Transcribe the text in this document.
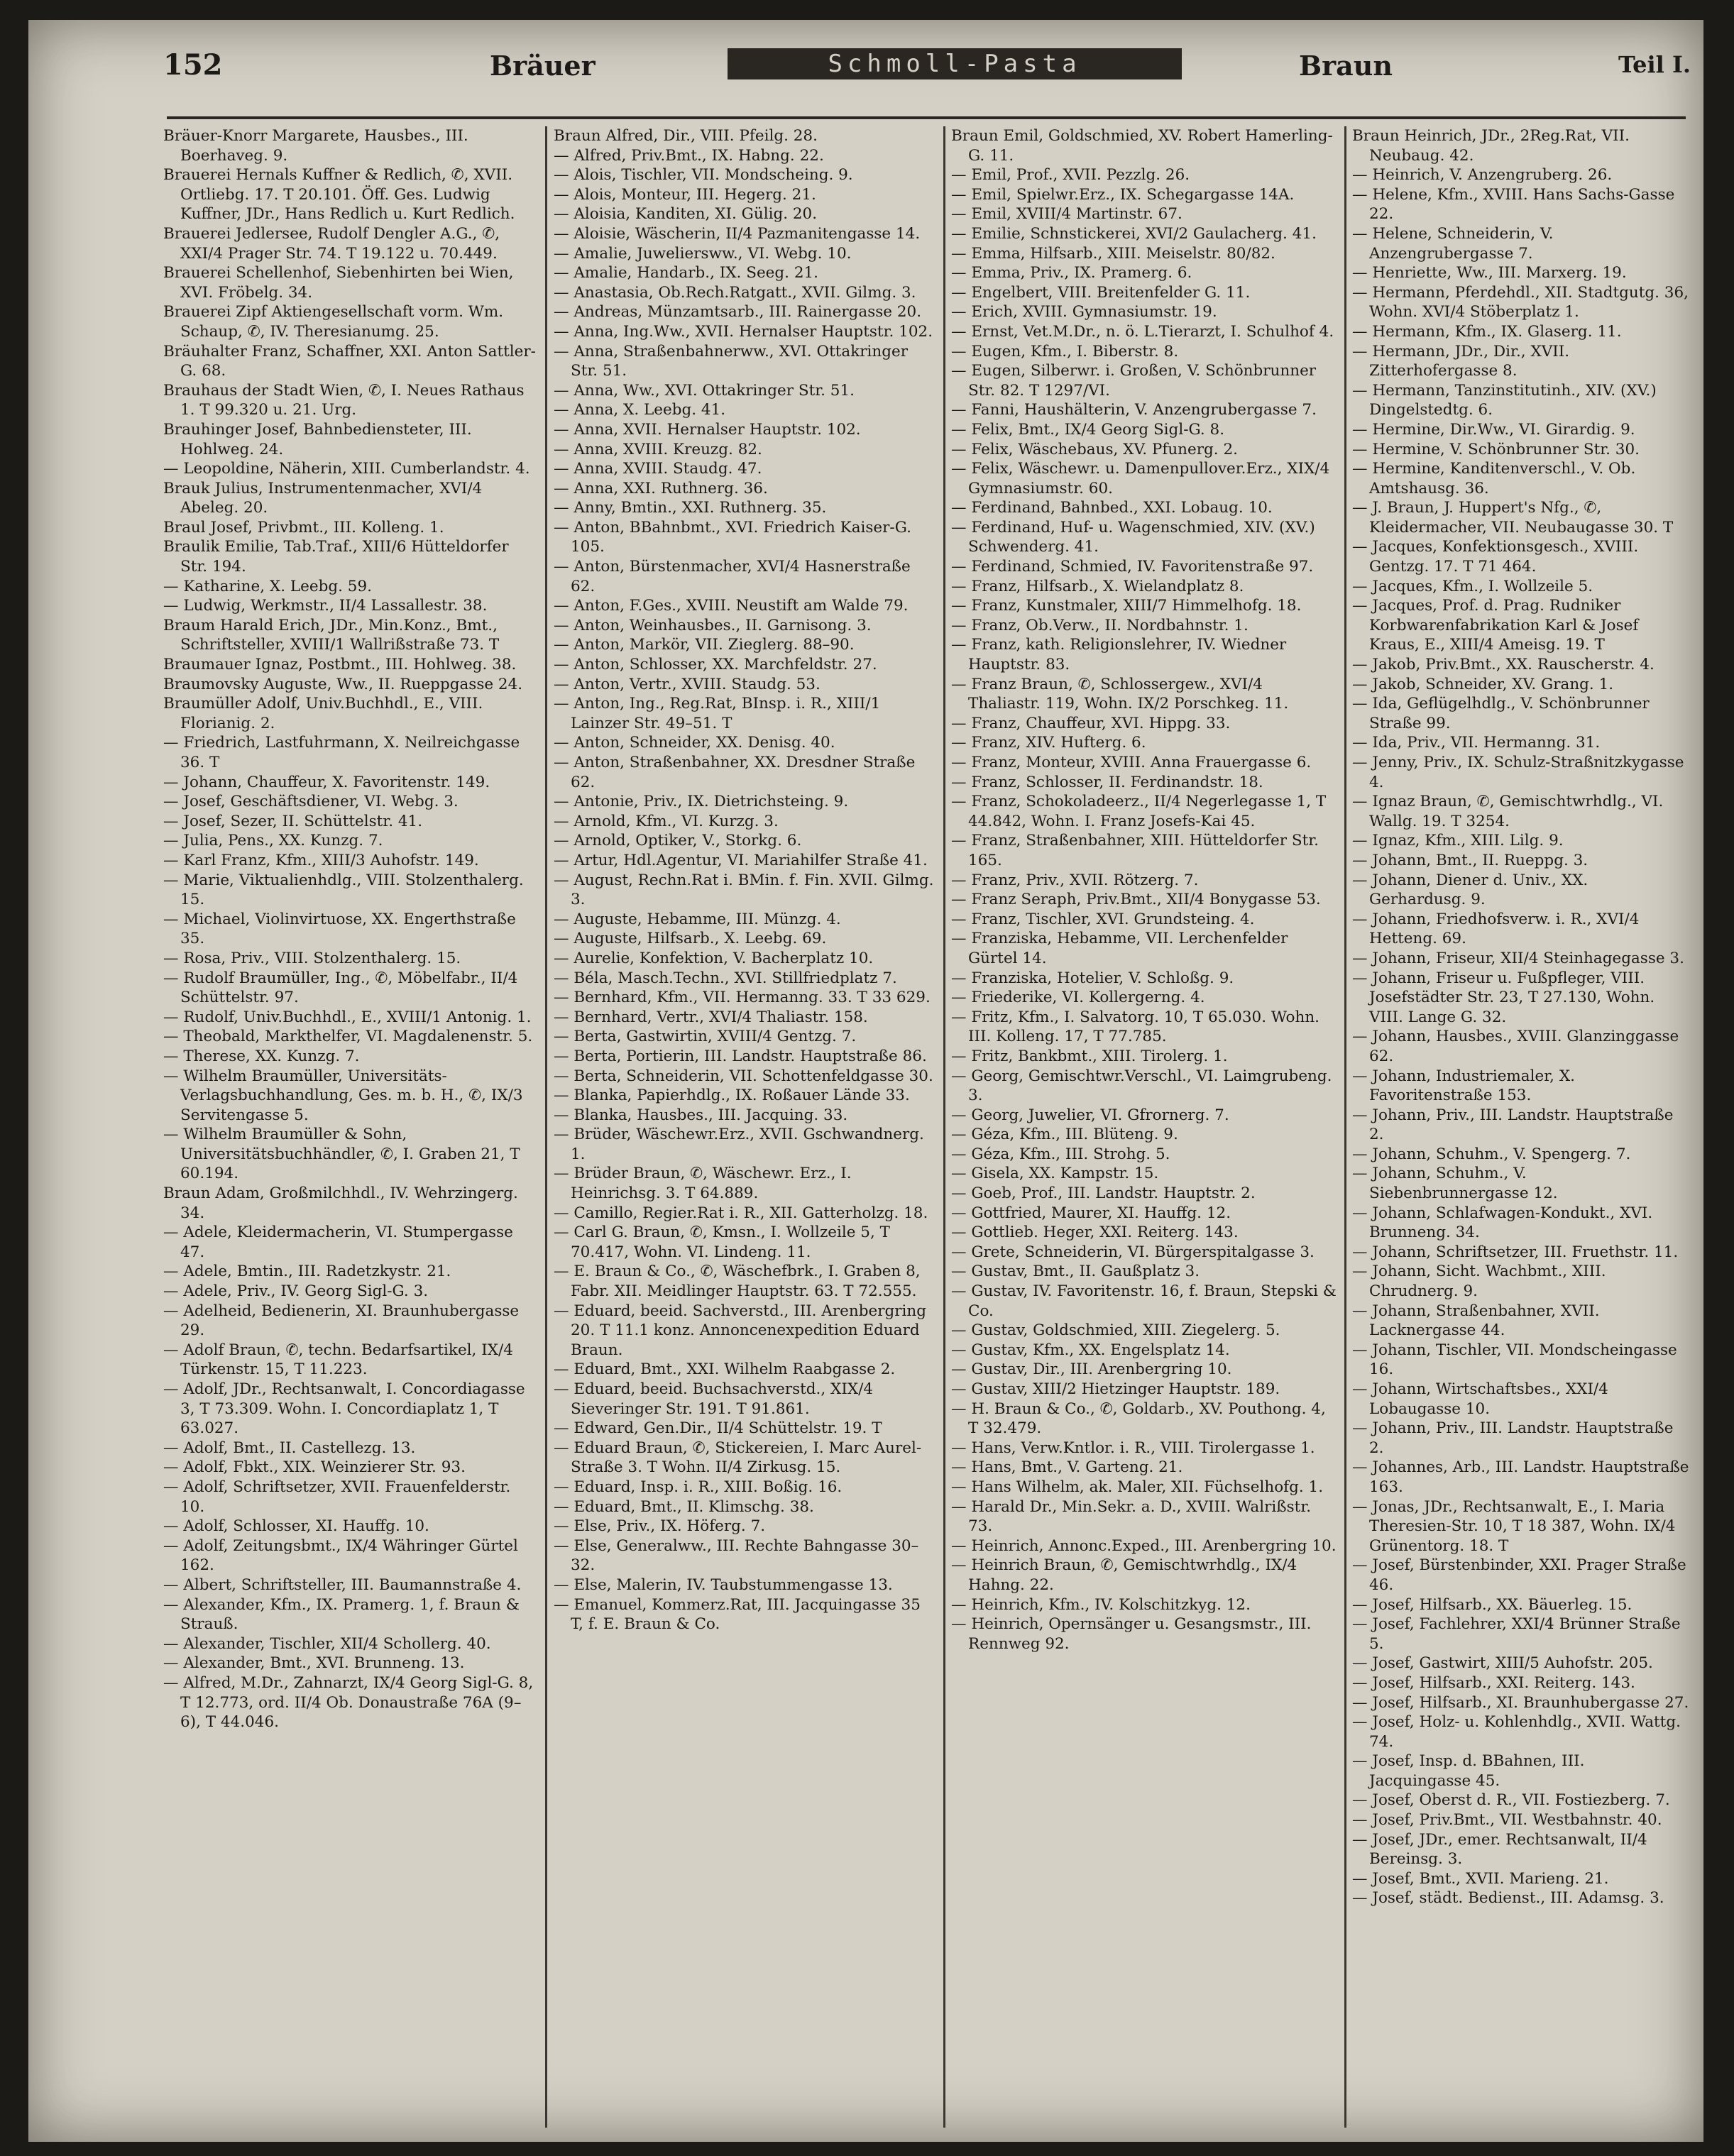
152	Bräuer	Schmoll-Pasta	Braun	Teil I.

Bräuer-Knorr Margarete, Hausbes., III. Boerhaveg. 9.

Brauerei Hernals Kuffner & Redlich, ✆, XVII. Ortliebg. 17. T 20.101. Öff. Ges. Ludwig Kuffner, JDr., Hans Redlich u. Kurt Redlich.

Brauerei Jedlersee, Rudolf Dengler A.G., ✆, XXI/4 Prager Str. 74. T 19.122 u. 70.449.

Brauerei Schellenhof, Siebenhirten bei Wien, XVI. Fröbelg. 34.

Brauerei Zipf Aktiengesellschaft vorm. Wm. Schaup, ✆, IV. Theresianumg. 25.

Bräuhalter Franz, Schaffner, XXI. Anton Sattler-G. 68.

Brauhaus der Stadt Wien, ✆, I. Neues Rathaus 1. T 99.320 u. 21. Urg.

Brauhinger Josef, Bahnbediensteter, III. Hohlweg. 24.

— Leopoldine, Näherin, XIII. Cumberlandstr. 4.

Brauk Julius, Instrumentenmacher, XVI/4 Abeleg. 20.

Braul Josef, Privbmt., III. Kolleng. 1.

Braulik Emilie, Tab.Traf., XIII/6 Hütteldorfer Str. 194.

— Katharine, X. Leebg. 59.

— Ludwig, Werkmstr., II/4 Lassallestr. 38.

Braum Harald Erich, JDr., Min.Konz., Bmt., Schriftsteller, XVIII/1 Wallrißstraße 73. T

Braumauer Ignaz, Postbmt., III. Hohlweg. 38.

Braumovsky Auguste, Ww., II. Rueppgasse 24.

Braumüller Adolf, Univ.Buchhdl., E., VIII. Florianig. 2.

— Friedrich, Lastfuhrmann, X. Neilreichgasse 36. T

— Johann, Chauffeur, X. Favoritenstr. 149.

— Josef, Geschäftsdiener, VI. Webg. 3.

— Josef, Sezer, II. Schüttelstr. 41.

— Julia, Pens., XX. Kunzg. 7.

— Karl Franz, Kfm., XIII/3 Auhofstr. 149.

— Marie, Viktualienhdlg., VIII. Stolzenthalerg. 15.

— Michael, Violinvirtuose, XX. Engerthstraße 35.

— Rosa, Priv., VIII. Stolzenthalerg. 15.

— Rudolf Braumüller, Ing., ✆, Möbelfabr., II/4 Schüttelstr. 97.

— Rudolf, Univ.Buchhdl., E., XVIII/1 Antonig. 1.

— Theobald, Markthelfer, VI. Magdalenenstr. 5.

— Therese, XX. Kunzg. 7.

— Wilhelm Braumüller, Universitäts-Verlagsbuchhandlung, Ges. m. b. H., ✆, IX/3 Servitengasse 5.

— Wilhelm Braumüller & Sohn, Universitätsbuchhändler, ✆, I. Graben 21, T 60.194.

Braun Adam, Großmilchhdl., IV. Wehrzingerg. 34.

— Adele, Kleidermacherin, VI. Stumpergasse 47.

— Adele, Bmtin., III. Radetzkystr. 21.

— Adele, Priv., IV. Georg Sigl-G. 3.

— Adelheid, Bedienerin, XI. Braunhubergasse 29.

— Adolf Braun, ✆, techn. Bedarfsartikel, IX/4 Türkenstr. 15, T 11.223.

— Adolf, JDr., Rechtsanwalt, I. Concordiagasse 3, T 73.309. Wohn. I. Concordiaplatz 1, T 63.027.

— Adolf, Bmt., II. Castellezg. 13.

— Adolf, Fbkt., XIX. Weinzierer Str. 93.

— Adolf, Schriftsetzer, XVII. Frauenfelderstr. 10.

— Adolf, Schlosser, XI. Hauffg. 10.

— Adolf, Zeitungsbmt., IX/4 Währinger Gürtel 162.

— Albert, Schriftsteller, III. Baumannstraße 4.

— Alexander, Kfm., IX. Pramerg. 1, f. Braun & Strauß.

— Alexander, Tischler, XII/4 Schollerg. 40.

— Alexander, Bmt., XVI. Brunneng. 13.

— Alfred, M.Dr., Zahnarzt, IX/4 Georg Sigl-G. 8, T 12.773, ord. II/4 Ob. Donaustraße 76A (9–6), T 44.046.

Braun Alfred, Dir., VIII. Pfeilg. 28.

— Alfred, Priv.Bmt., IX. Habng. 22.

— Alois, Tischler, VII. Mondscheing. 9.

— Alois, Monteur, III. Hegerg. 21.

— Aloisia, Kanditen, XI. Gülig. 20.

— Aloisie, Wäscherin, II/4 Pazmanitengasse 14.

— Amalie, Juweliersww., VI. Webg. 10.

— Amalie, Handarb., IX. Seeg. 21.

— Anastasia, Ob.Rech.Ratgatt., XVII. Gilmg. 3.

— Andreas, Münzamtsarb., III. Rainergasse 20.

— Anna, Ing.Ww., XVII. Hernalser Hauptstr. 102.

— Anna, Straßenbahnerww., XVI. Ottakringer Str. 51.

— Anna, Ww., XVI. Ottakringer Str. 51.

— Anna, X. Leebg. 41.

— Anna, XVII. Hernalser Hauptstr. 102.

— Anna, XVIII. Kreuzg. 82.

— Anna, XVIII. Staudg. 47.

— Anna, XXI. Ruthnerg. 36.

— Anny, Bmtin., XXI. Ruthnerg. 35.

— Anton, BBahnbmt., XVI. Friedrich Kaiser-G. 105.

— Anton, Bürstenmacher, XVI/4 Hasnerstraße 62.

— Anton, F.Ges., XVIII. Neustift am Walde 79.

— Anton, Weinhausbes., II. Garnisong. 3.

— Anton, Markör, VII. Zieglerg. 88–90.

— Anton, Schlosser, XX. Marchfeldstr. 27.

— Anton, Vertr., XVIII. Staudg. 53.

— Anton, Ing., Reg.Rat, BInsp. i. R., XIII/1 Lainzer Str. 49–51. T

— Anton, Schneider, XX. Denisg. 40.

— Anton, Straßenbahner, XX. Dresdner Straße 62.

— Antonie, Priv., IX. Dietrichsteing. 9.

— Arnold, Kfm., VI. Kurzg. 3.

— Arnold, Optiker, V., Storkg. 6.

— Artur, Hdl.Agentur, VI. Mariahilfer Straße 41.

— August, Rechn.Rat i. BMin. f. Fin. XVII. Gilmg. 3.

— Auguste, Hebamme, III. Münzg. 4.

— Auguste, Hilfsarb., X. Leebg. 69.

— Aurelie, Konfektion, V. Bacherplatz 10.

— Béla, Masch.Techn., XVI. Stillfriedplatz 7.

— Bernhard, Kfm., VII. Hermanng. 33. T 33 629.

— Bernhard, Vertr., XVI/4 Thaliastr. 158.

— Berta, Gastwirtin, XVIII/4 Gentzg. 7.

— Berta, Portierin, III. Landstr. Hauptstraße 86.

— Berta, Schneiderin, VII. Schottenfeldgasse 30.

— Blanka, Papierhdlg., IX. Roßauer Lände 33.

— Blanka, Hausbes., III. Jacquing. 33.

— Brüder, Wäschewr.Erz., XVII. Gschwandnerg. 1.

— Brüder Braun, ✆, Wäschewr. Erz., I. Heinrichsg. 3. T 64.889.

— Camillo, Regier.Rat i. R., XII. Gatterholzg. 18.

— Carl G. Braun, ✆, Kmsn., I. Wollzeile 5, T 70.417, Wohn. VI. Lindeng. 11.

— E. Braun & Co., ✆, Wäschefbrk., I. Graben 8, Fabr. XII. Meidlinger Hauptstr. 63. T 72.555.

— Eduard, beeid. Sachverstd., III. Arenbergring 20. T 11.1 konz. Annoncenexpedition Eduard Braun.

— Eduard, Bmt., XXI. Wilhelm Raabgasse 2.

— Eduard, beeid. Buchsachverstd., XIX/4 Sieveringer Str. 191. T 91.861.

— Edward, Gen.Dir., II/4 Schüttelstr. 19. T

— Eduard Braun, ✆, Stickereien, I. Marc Aurel-Straße 3. T Wohn. II/4 Zirkusg. 15.

— Eduard, Insp. i. R., XIII. Boßig. 16.

— Eduard, Bmt., II. Klimschg. 38.

— Else, Priv., IX. Höferg. 7.

— Else, Generalww., III. Rechte Bahngasse 30–32.

— Else, Malerin, IV. Taubstummengasse 13.

— Emanuel, Kommerz.Rat, III. Jacquingasse 35 T, f. E. Braun & Co.

Braun Emil, Goldschmied, XV. Robert Hamerling-G. 11.

— Emil, Prof., XVII. Pezzlg. 26.

— Emil, Spielwr.Erz., IX. Schegargasse 14A.

— Emil, XVIII/4 Martinstr. 67.

— Emilie, Schnstickerei, XVI/2 Gaulacherg. 41.

— Emma, Hilfsarb., XIII. Meiselstr. 80/82.

— Emma, Priv., IX. Pramerg. 6.

— Engelbert, VIII. Breitenfelder G. 11.

— Erich, XVIII. Gymnasiumstr. 19.

— Ernst, Vet.M.Dr., n. ö. L.Tierarzt, I. Schulhof 4.

— Eugen, Kfm., I. Biberstr. 8.

— Eugen, Silberwr. i. Großen, V. Schönbrunner Str. 82. T 1297/VI.

— Fanni, Haushälterin, V. Anzengrubergasse 7.

— Felix, Bmt., IX/4 Georg Sigl-G. 8.

— Felix, Wäschebaus, XV. Pfunerg. 2.

— Felix, Wäschewr. u. Damenpullover.Erz., XIX/4 Gymnasiumstr. 60.

— Ferdinand, Bahnbed., XXI. Lobaug. 10.

— Ferdinand, Huf- u. Wagenschmied, XIV. (XV.) Schwenderg. 41.

— Ferdinand, Schmied, IV. Favoritenstraße 97.

— Franz, Hilfsarb., X. Wielandplatz 8.

— Franz, Kunstmaler, XIII/7 Himmelhofg. 18.

— Franz, Ob.Verw., II. Nordbahnstr. 1.

— Franz, kath. Religionslehrer, IV. Wiedner Hauptstr. 83.

— Franz Braun, ✆, Schlossergew., XVI/4 Thaliastr. 119, Wohn. IX/2 Porschkeg. 11.

— Franz, Chauffeur, XVI. Hippg. 33.

— Franz, XIV. Hufterg. 6.

— Franz, Monteur, XVIII. Anna Frauergasse 6.

— Franz, Schlosser, II. Ferdinandstr. 18.

— Franz, Schokoladeerz., II/4 Negerlegasse 1, T 44.842, Wohn. I. Franz Josefs-Kai 45.

— Franz, Straßenbahner, XIII. Hütteldorfer Str. 165.

— Franz, Priv., XVII. Rötzerg. 7.

— Franz Seraph, Priv.Bmt., XII/4 Bonygasse 53.

— Franz, Tischler, XVI. Grundsteing. 4.

— Franziska, Hebamme, VII. Lerchenfelder Gürtel 14.

— Franziska, Hotelier, V. Schloßg. 9.

— Friederike, VI. Kollergerng. 4.

— Fritz, Kfm., I. Salvatorg. 10, T 65.030. Wohn. III. Kolleng. 17, T 77.785.

— Fritz, Bankbmt., XIII. Tirolerg. 1.

— Georg, Gemischtwr.Verschl., VI. Laimgrubeng. 3.

— Georg, Juwelier, VI. Gfrornerg. 7.

— Géza, Kfm., III. Blüteng. 9.

— Géza, Kfm., III. Strohg. 5.

— Gisela, XX. Kampstr. 15.

— Goeb, Prof., III. Landstr. Hauptstr. 2.

— Gottfried, Maurer, XI. Hauffg. 12.

— Gottlieb. Heger, XXI. Reiterg. 143.

— Grete, Schneiderin, VI. Bürgerspitalgasse 3.

— Gustav, Bmt., II. Gaußplatz 3.

— Gustav, IV. Favoritenstr. 16, f. Braun, Stepski & Co.

— Gustav, Goldschmied, XIII. Ziegelerg. 5.

— Gustav, Kfm., XX. Engelsplatz 14.

— Gustav, Dir., III. Arenbergring 10.

— Gustav, XIII/2 Hietzinger Hauptstr. 189.

— H. Braun & Co., ✆, Goldarb., XV. Pouthong. 4, T 32.479.

— Hans, Verw.Kntlor. i. R., VIII. Tirolergasse 1.

— Hans, Bmt., V. Garteng. 21.

— Hans Wilhelm, ak. Maler, XII. Füchselhofg. 1.

— Harald Dr., Min.Sekr. a. D., XVIII. Walrißstr. 73.

— Heinrich, Annonc.Exped., III. Arenbergring 10.

— Heinrich Braun, ✆, Gemischtwrhdlg., IX/4 Hahng. 22.

— Heinrich, Kfm., IV. Kolschitzkyg. 12.

— Heinrich, Opernsänger u. Gesangsmstr., III. Rennweg 92.

Braun Heinrich, JDr., 2Reg.Rat, VII. Neubaug. 42.

— Heinrich, V. Anzengruberg. 26.

— Helene, Kfm., XVIII. Hans Sachs-Gasse 22.

— Helene, Schneiderin, V. Anzengrubergasse 7.

— Henriette, Ww., III. Marxerg. 19.

— Hermann, Pferdehdl., XII. Stadtgutg. 36, Wohn. XVI/4 Stöberplatz 1.

— Hermann, Kfm., IX. Glaserg. 11.

— Hermann, JDr., Dir., XVII. Zitterhofergasse 8.

— Hermann, Tanzinstitutinh., XIV. (XV.) Dingelstedtg. 6.

— Hermine, Dir.Ww., VI. Girardig. 9.

— Hermine, V. Schönbrunner Str. 30.

— Hermine, Kanditenverschl., V. Ob. Amtshausg. 36.

— J. Braun, J. Huppert's Nfg., ✆, Kleidermacher, VII. Neubaugasse 30. T

— Jacques, Konfektionsgesch., XVIII. Gentzg. 17. T 71 464.

— Jacques, Kfm., I. Wollzeile 5.

— Jacques, Prof. d. Prag. Rudniker Korbwarenfabrikation Karl & Josef Kraus, E., XIII/4 Ameisg. 19. T

— Jakob, Priv.Bmt., XX. Rauscherstr. 4.

— Jakob, Schneider, XV. Grang. 1.

— Ida, Geflügelhdlg., V. Schönbrunner Straße 99.

— Ida, Priv., VII. Hermanng. 31.

— Jenny, Priv., IX. Schulz-Straßnitzkygasse 4.

— Ignaz Braun, ✆, Gemischtwrhdlg., VI. Wallg. 19. T 3254.

— Ignaz, Kfm., XIII. Lilg. 9.

— Johann, Bmt., II. Rueppg. 3.

— Johann, Diener d. Univ., XX. Gerhardusg. 9.

— Johann, Friedhofsverw. i. R., XVI/4 Hetteng. 69.

— Johann, Friseur, XII/4 Steinhagegasse 3.

— Johann, Friseur u. Fußpfleger, VIII. Josefstädter Str. 23, T 27.130, Wohn. VIII. Lange G. 32.

— Johann, Hausbes., XVIII. Glanzinggasse 62.

— Johann, Industriemaler, X. Favoritenstraße 153.

— Johann, Priv., III. Landstr. Hauptstraße 2.

— Johann, Schuhm., V. Spengerg. 7.

— Johann, Schuhm., V. Siebenbrunnergasse 12.

— Johann, Schlafwagen-Kondukt., XVI. Brunneng. 34.

— Johann, Schriftsetzer, III. Fruethstr. 11.

— Johann, Sicht. Wachbmt., XIII. Chrudnerg. 9.

— Johann, Straßenbahner, XVII. Lacknergasse 44.

— Johann, Tischler, VII. Mondscheingasse 16.

— Johann, Wirtschaftsbes., XXI/4 Lobaugasse 10.

— Johann, Priv., III. Landstr. Hauptstraße 2.

— Johannes, Arb., III. Landstr. Hauptstraße 163.

— Jonas, JDr., Rechtsanwalt, E., I. Maria Theresien-Str. 10, T 18 387, Wohn. IX/4 Grünentorg. 18. T

— Josef, Bürstenbinder, XXI. Prager Straße 46.

— Josef, Hilfsarb., XX. Bäuerleg. 15.

— Josef, Fachlehrer, XXI/4 Brünner Straße 5.

— Josef, Gastwirt, XIII/5 Auhofstr. 205.

— Josef, Hilfsarb., XXI. Reiterg. 143.

— Josef, Hilfsarb., XI. Braunhubergasse 27.

— Josef, Holz- u. Kohlenhdlg., XVII. Wattg. 74.

— Josef, Insp. d. BBahnen, III. Jacquingasse 45.

— Josef, Oberst d. R., VII. Fostiezberg. 7.

— Josef, Priv.Bmt., VII. Westbahnstr. 40.

— Josef, JDr., emer. Rechtsanwalt, II/4 Bereinsg. 3.

— Josef, Bmt., XVII. Marieng. 21.

— Josef, städt. Bedienst., III. Adamsg. 3.
